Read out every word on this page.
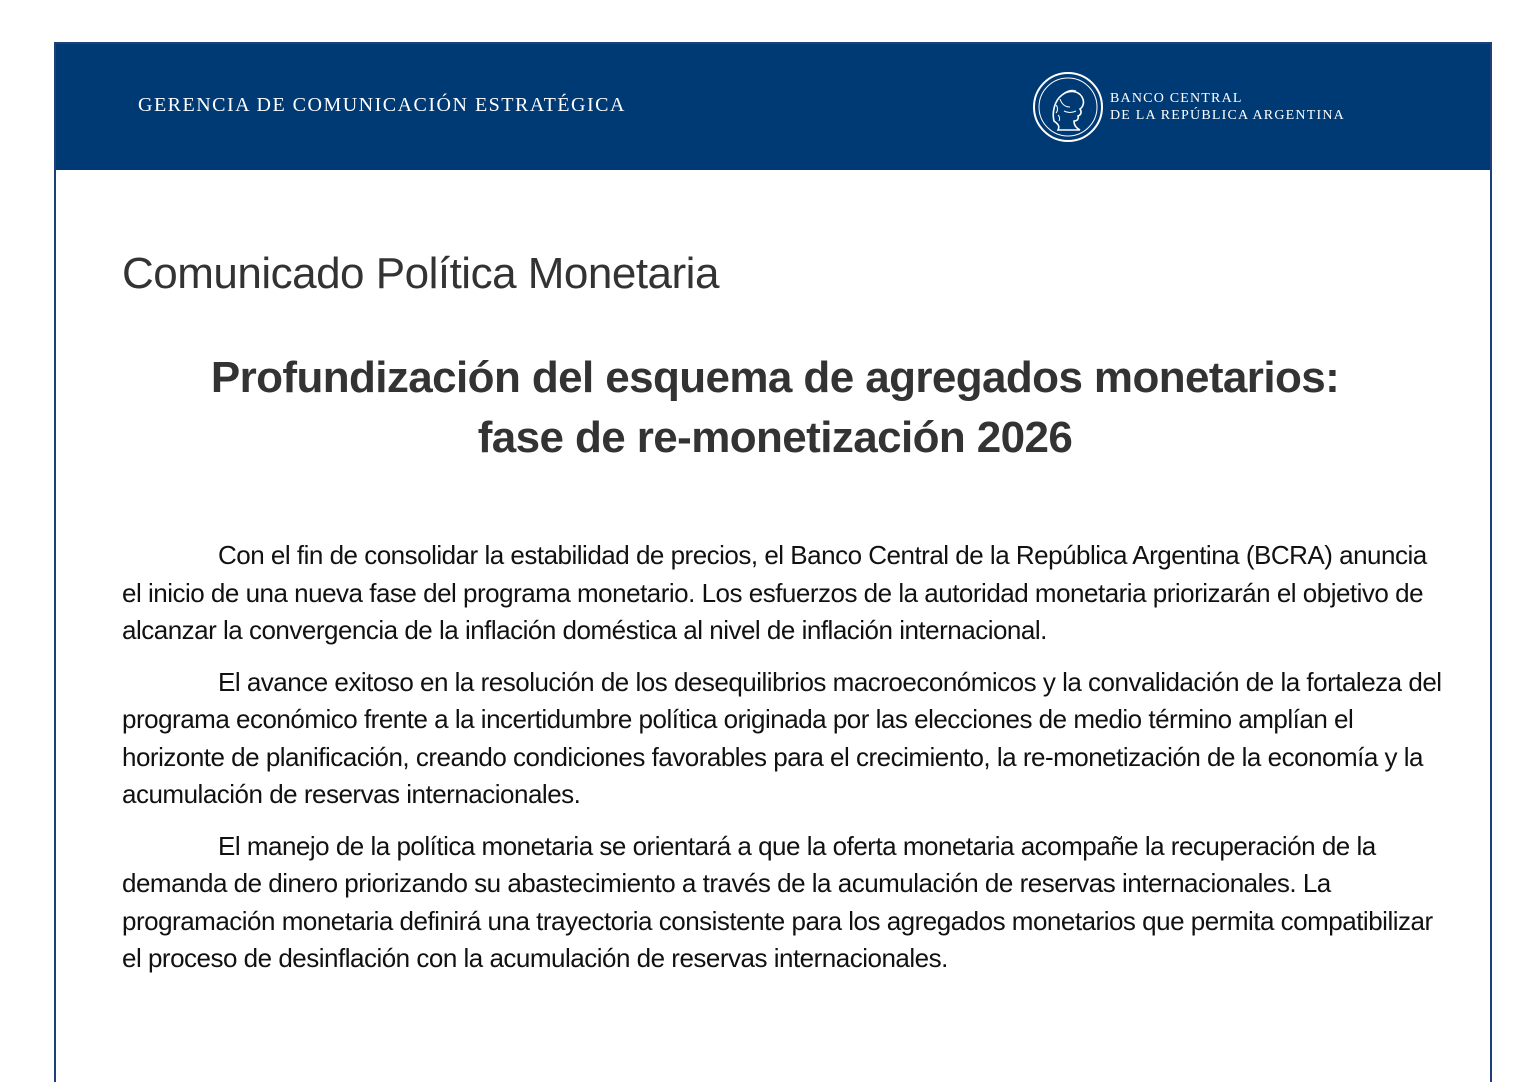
GERENCIA DE COMUNICACIÓN ESTRATÉGICA	BANCO CENTRAL
DE LA REPÚBLICA ARGENTINA
Comunicado Política Monetaria
Profundización del esquema de agregados monetarios:
fase de re-monetización 2026

Con el fin de consolidar la estabilidad de precios, el Banco Central de la República Argentina (BCRA) anuncia el inicio de una nueva fase del programa monetario. Los esfuerzos de la autoridad monetaria priorizarán el objetivo de alcanzar la convergencia de la inflación doméstica al nivel de inflación internacional.

El avance exitoso en la resolución de los desequilibrios macroeconómicos y la convalidación de la fortaleza del programa económico frente a la incertidumbre política originada por las elecciones de medio término amplían el horizonte de planificación, creando condiciones favorables para el crecimiento, la re-monetización de la economía y la acumulación de reservas internacionales.

El manejo de la política monetaria se orientará a que la oferta monetaria acompañe la recuperación de la demanda de dinero priorizando su abastecimiento a través de la acumulación de reservas internacionales. La programación monetaria definirá una trayectoria consistente para los agregados monetarios que permita compatibilizar el proceso de desinflación con la acumulación de reservas internacionales.
